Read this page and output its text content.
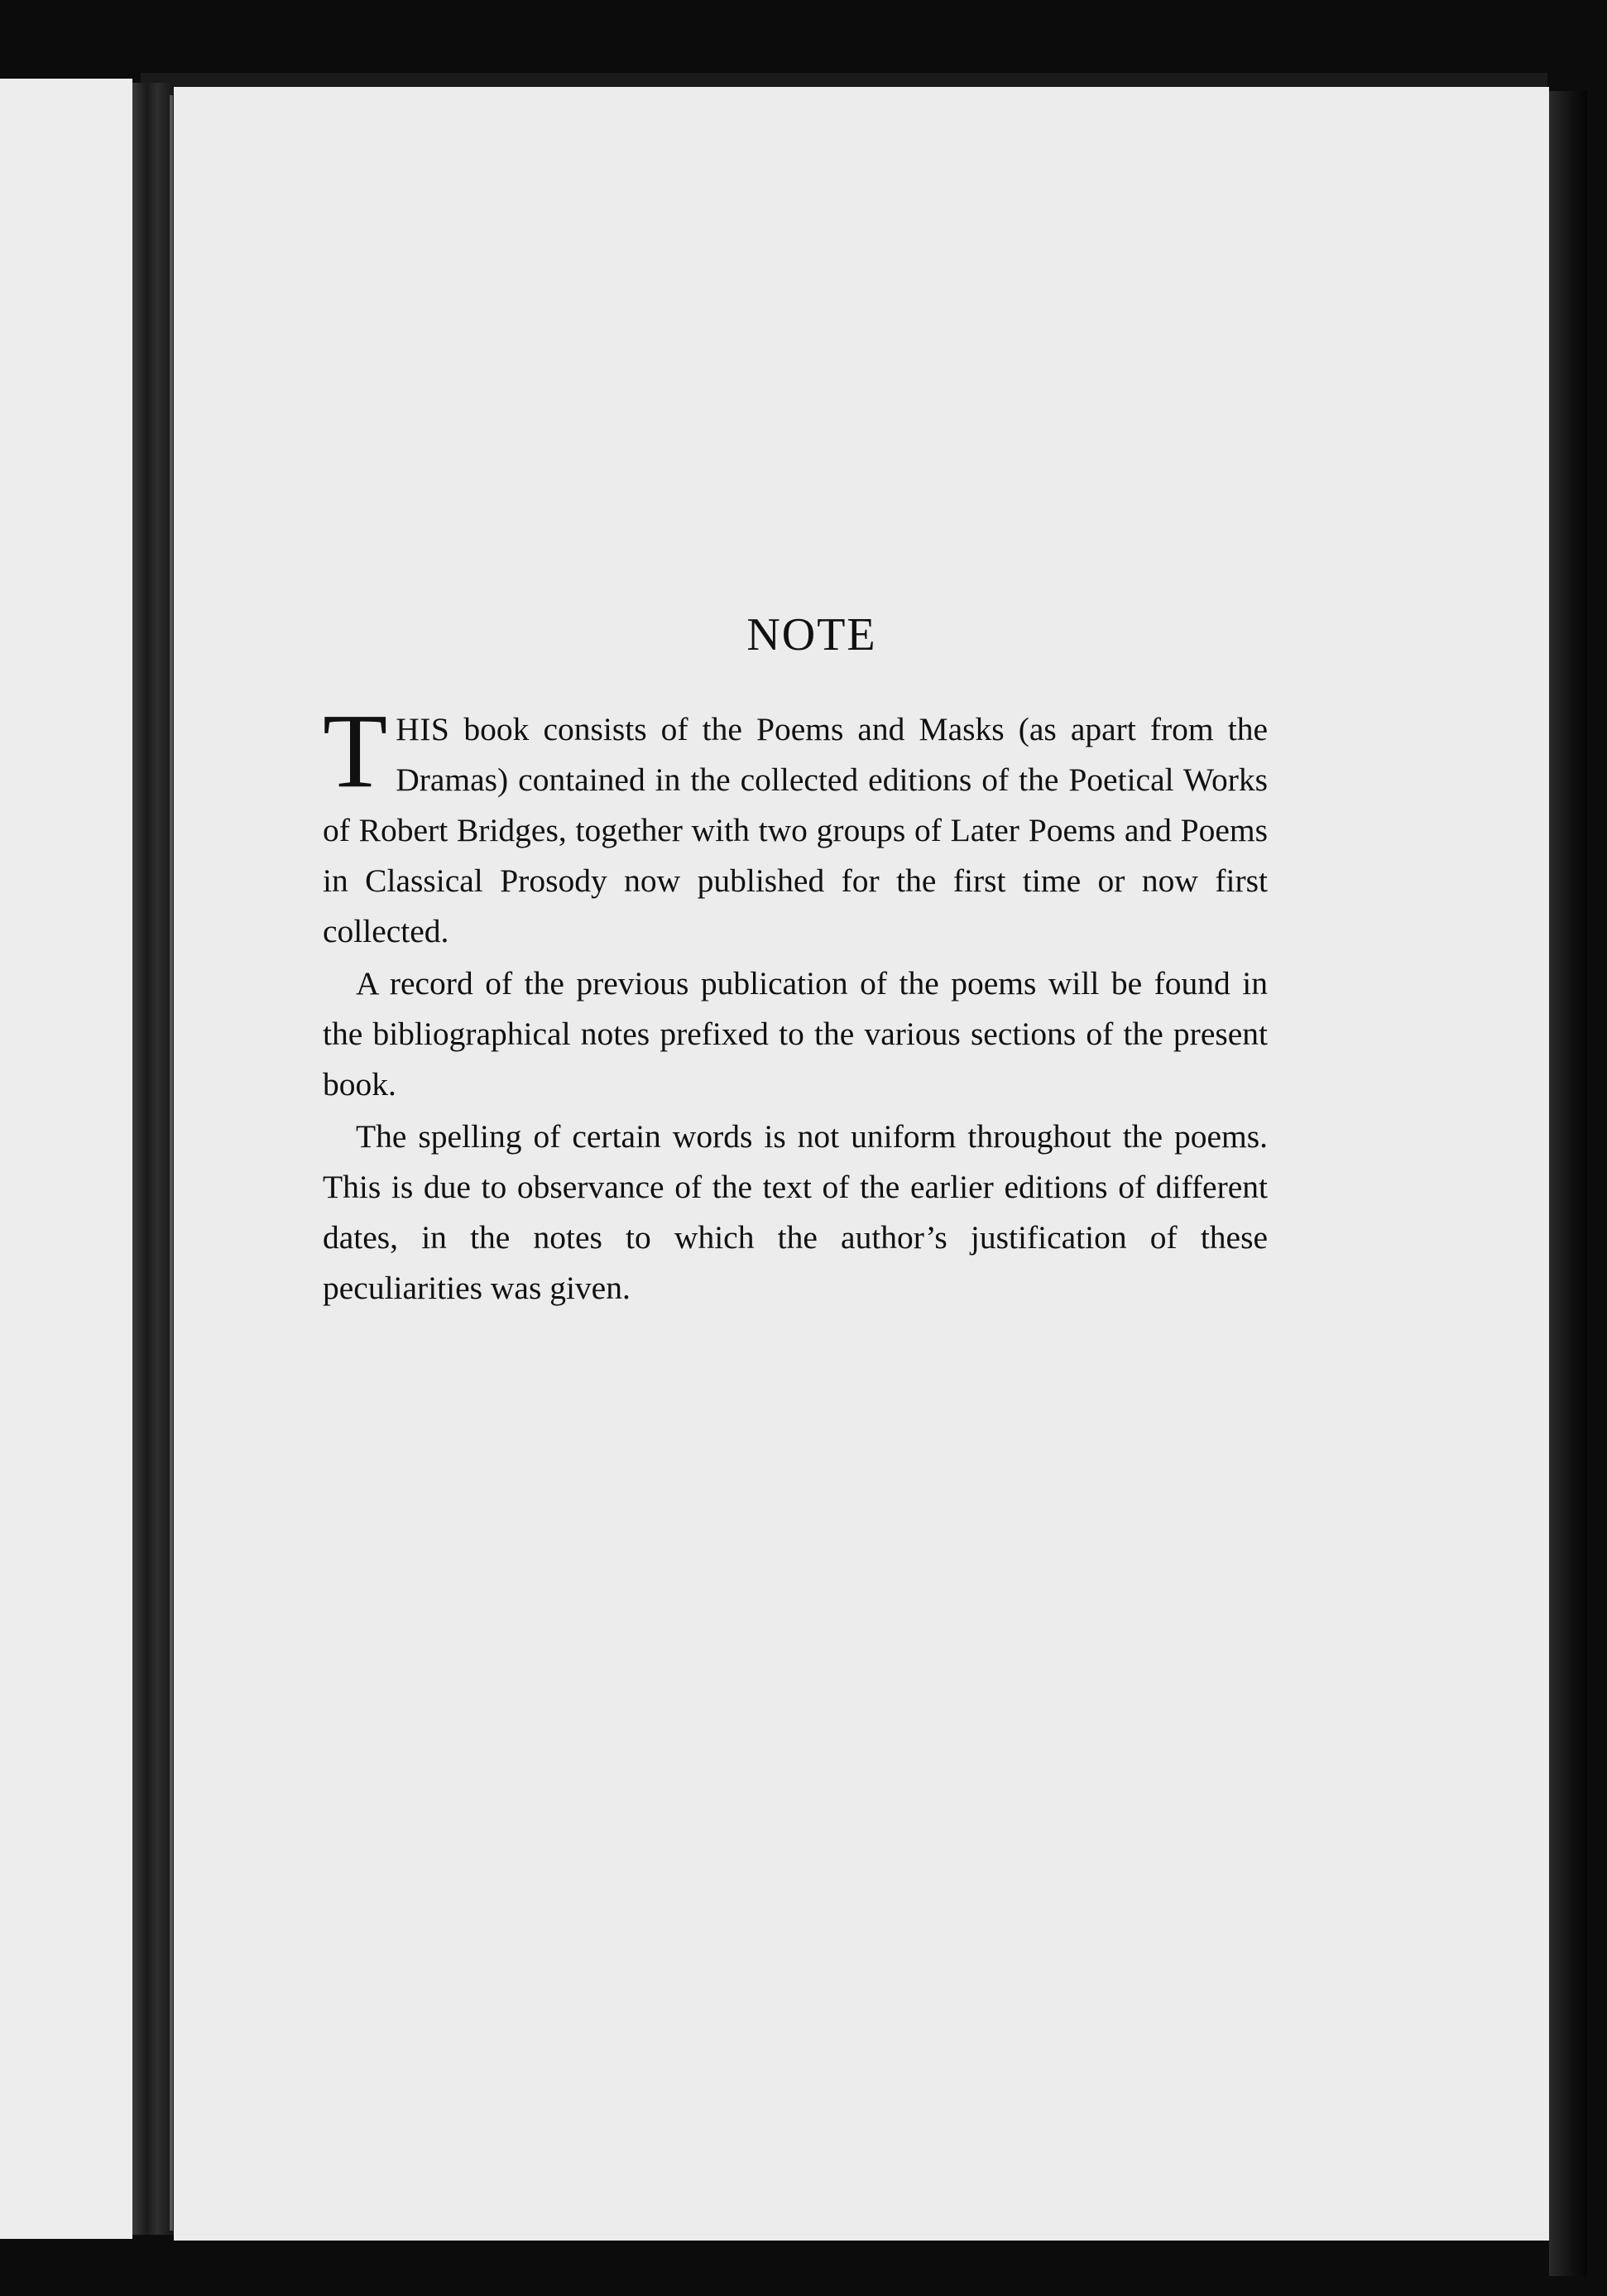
NOTE

THIS book consists of the Poems and Masks (as apart from the Dramas) contained in the collected editions of the Poetical Works of Robert Bridges, together with two groups of Later Poems and Poems in Classical Prosody now published for the first time or now first collected.

A record of the previous publication of the poems will be found in the bibliographical notes prefixed to the various sections of the present book.

The spelling of certain words is not uniform throughout the poems. This is due to observance of the text of the earlier editions of different dates, in the notes to which the author’s justification of these peculiarities was given.
